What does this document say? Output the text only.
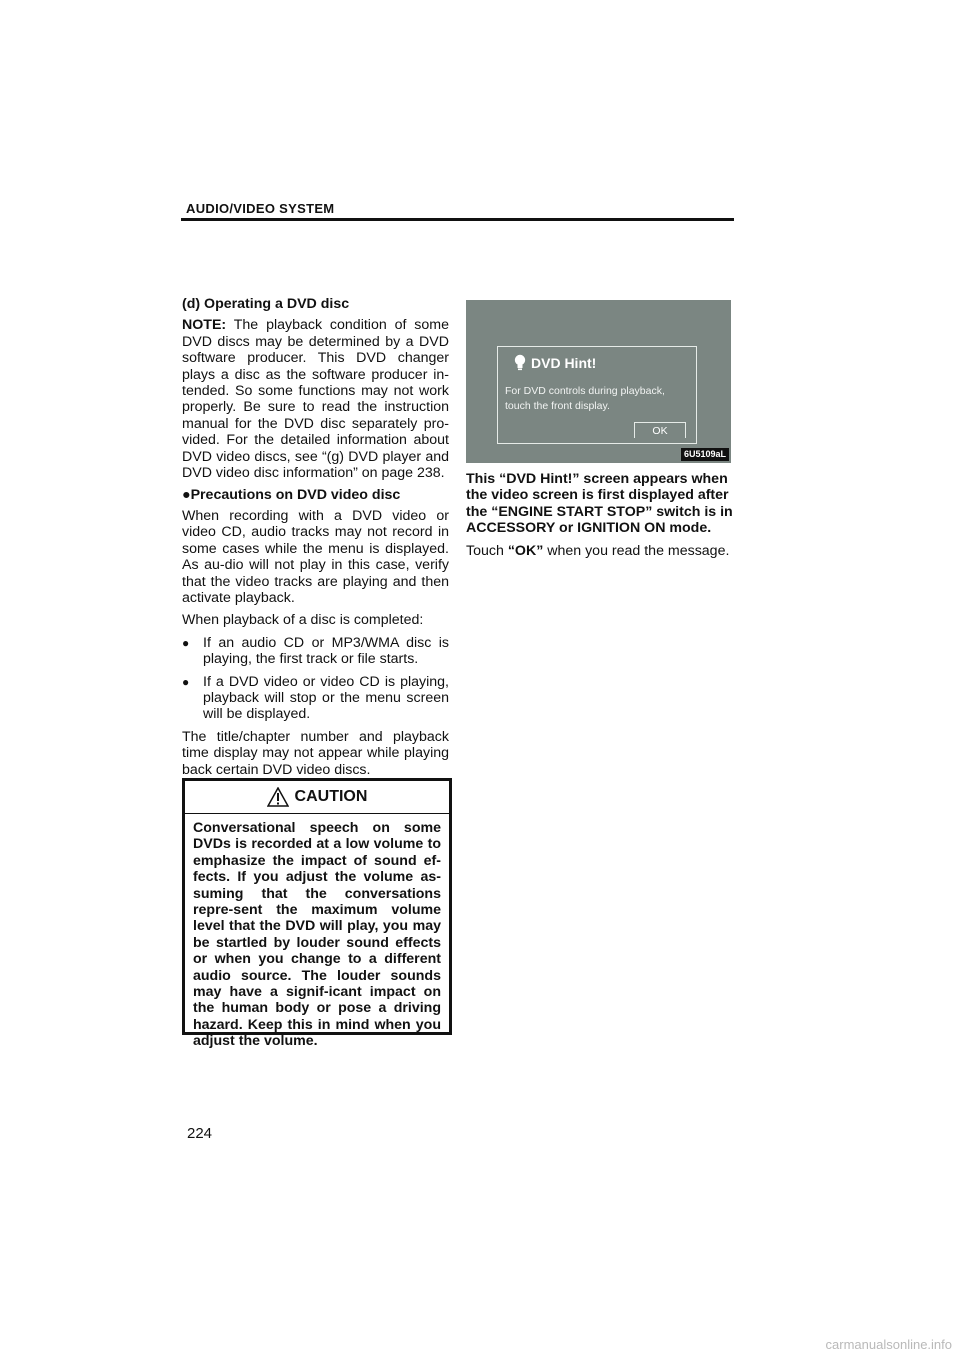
AUDIO/VIDEO SYSTEM

(d) Operating a DVD disc

NOTE: The playback condition of some DVD discs may be determined by a DVD software producer. This DVD changer plays a disc as the software producer in-tended. So some functions may not work properly. Be sure to read the instruction manual for the DVD disc separately pro-vided. For the detailed information about DVD video discs, see “(g) DVD player and DVD video disc information” on page 238.

● Precautions on DVD video disc

When recording with a DVD video or video CD, audio tracks may not record in some cases while the menu is displayed. As au-dio will not play in this case, verify that the video tracks are playing and then activate playback.

When playback of a disc is completed:

● If an audio CD or MP3/WMA disc is playing, the first track or file starts.
● If a DVD video or video CD is playing, playback will stop or the menu screen will be displayed.

The title/chapter number and playback time display may not appear while playing back certain DVD video discs.

CAUTION
Conversational speech on some DVDs is recorded at a low volume to emphasize the impact of sound ef-fects. If you adjust the volume as-suming that the conversations repre-sent the maximum volume level that the DVD will play, you may be startled by louder sound effects or when you change to a different audio source. The louder sounds may have a signif-icant impact on the human body or pose a driving hazard. Keep this in mind when you adjust the volume.
DVD Hint!
For DVD controls during playback,
touch the front display.
OK
6U5109aL

This “DVD Hint!” screen appears when the video screen is first displayed after the “ENGINE START STOP” switch is in ACCESSORY or IGNITION ON mode.

Touch “OK” when you read the message.

224
carmanualsonline.info
